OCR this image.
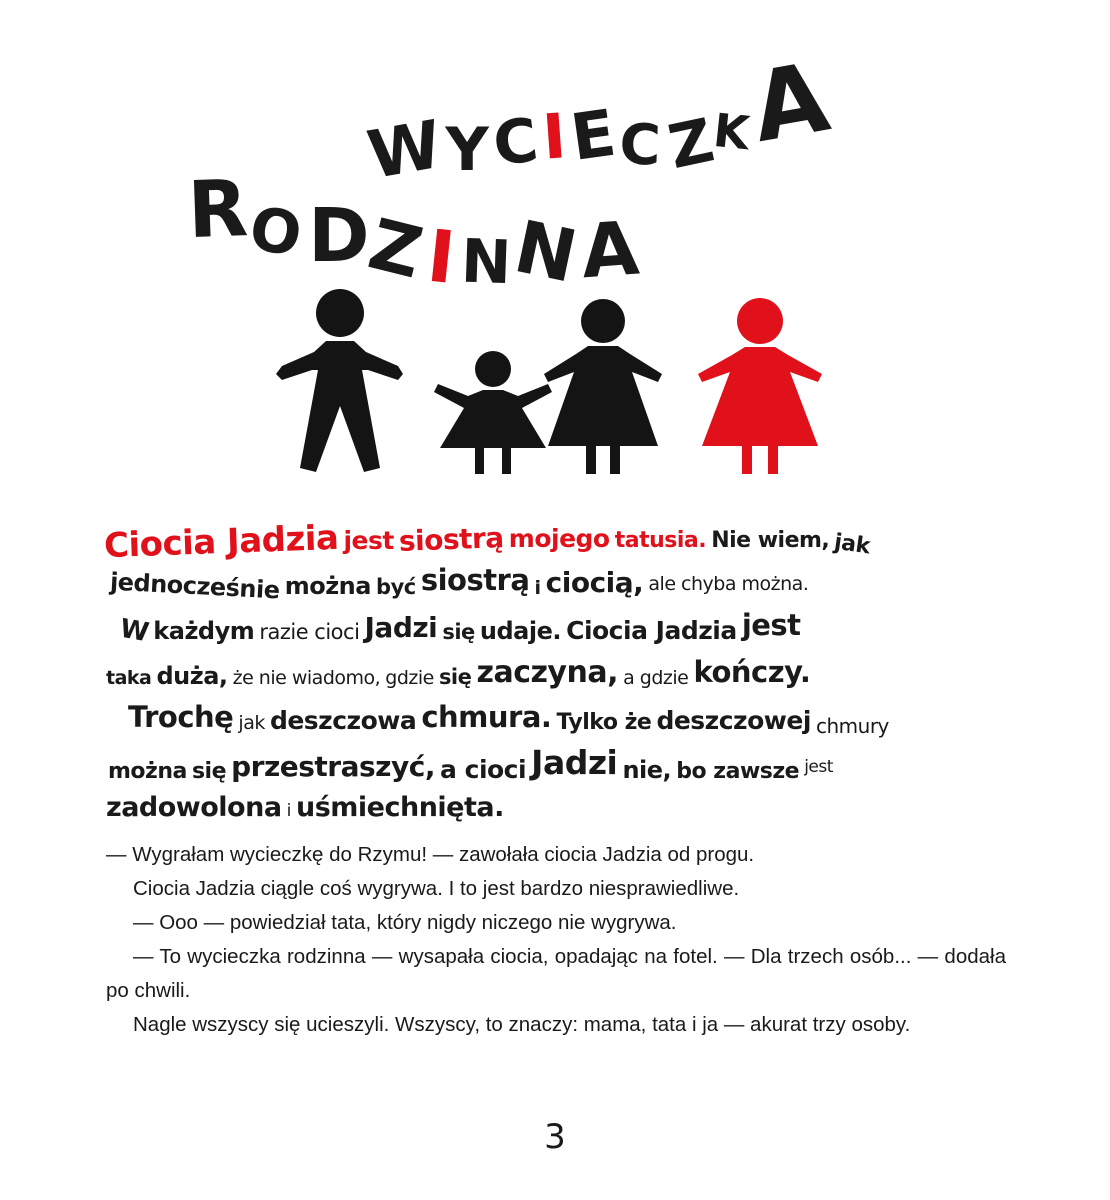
W Y C I E C Z K A
R O D Z I N N A
Ciocia Jadzia jest siostrą mojego tatusia. Nie wiem, jak
jednocześnie można być siostrą i ciocią, ale chyba można.
W każdym razie cioci Jadzi się udaje. Ciocia Jadzia jest
taka duża, że nie wiadomo, gdzie się zaczyna, a gdzie kończy.
Trochę jak deszczowa chmura. Tylko że deszczowej chmury
można się przestraszyć, a cioci Jadzi nie, bo zawsze jest
zadowolona i uśmiechnięta.

— Wygrałam wycieczkę do Rzymu! — zawołała ciocia Jadzia od progu.

Ciocia Jadzia ciągle coś wygrywa. I to jest bardzo niesprawiedliwe.

— Ooo — powiedział tata, który nigdy niczego nie wygrywa.

— To wycieczka rodzinna — wysapała ciocia, opadając na fotel. — Dla trzech osób... — dodała po chwili.

Nagle wszyscy się ucieszyli. Wszyscy, to znaczy: mama, tata i ja — akurat trzy osoby.

3
